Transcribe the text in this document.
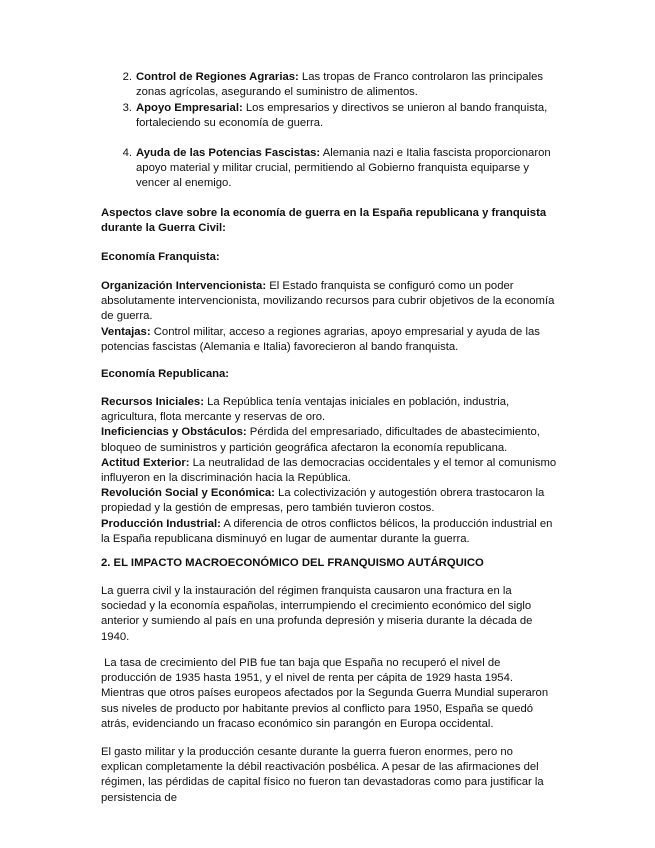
2. Control de Regiones Agrarias: Las tropas de Franco controlaron las principales zonas agrícolas, asegurando el suministro de alimentos.
3. Apoyo Empresarial: Los empresarios y directivos se unieron al bando franquista, fortaleciendo su economía de guerra.
4. Ayuda de las Potencias Fascistas: Alemania nazi e Italia fascista proporcionaron apoyo material y militar crucial, permitiendo al Gobierno franquista equiparse y vencer al enemigo.

Aspectos clave sobre la economía de guerra en la España republicana y franquista durante la Guerra Civil:

Economía Franquista:

Organización Intervencionista: El Estado franquista se configuró como un poder absolutamente intervencionista, movilizando recursos para cubrir objetivos de la economía de guerra.
Ventajas: Control militar, acceso a regiones agrarias, apoyo empresarial y ayuda de las potencias fascistas (Alemania e Italia) favorecieron al bando franquista.

Economía Republicana:

Recursos Iniciales: La República tenía ventajas iniciales en población, industria, agricultura, flota mercante y reservas de oro.
Ineficiencias y Obstáculos: Pérdida del empresariado, dificultades de abastecimiento, bloqueo de suministros y partición geográfica afectaron la economía republicana.
Actitud Exterior: La neutralidad de las democracias occidentales y el temor al comunismo influyeron en la discriminación hacia la República.
Revolución Social y Económica: La colectivización y autogestión obrera trastocaron la propiedad y la gestión de empresas, pero también tuvieron costos.
Producción Industrial: A diferencia de otros conflictos bélicos, la producción industrial en la España republicana disminuyó en lugar de aumentar durante la guerra.

2. EL IMPACTO MACROECONÓMICO DEL FRANQUISMO AUTÁRQUICO

La guerra civil y la instauración del régimen franquista causaron una fractura en la sociedad y la economía españolas, interrumpiendo el crecimiento económico del siglo anterior y sumiendo al país en una profunda depresión y miseria durante la década de 1940.

La tasa de crecimiento del PIB fue tan baja que España no recuperó el nivel de producción de 1935 hasta 1951, y el nivel de renta per cápita de 1929 hasta 1954. Mientras que otros países europeos afectados por la Segunda Guerra Mundial superaron sus niveles de producto por habitante previos al conflicto para 1950, España se quedó atrás, evidenciando un fracaso económico sin parangón en Europa occidental.

El gasto militar y la producción cesante durante la guerra fueron enormes, pero no explican completamente la débil reactivación posbélica. A pesar de las afirmaciones del régimen, las pérdidas de capital físico no fueron tan devastadoras como para justificar la persistencia de
